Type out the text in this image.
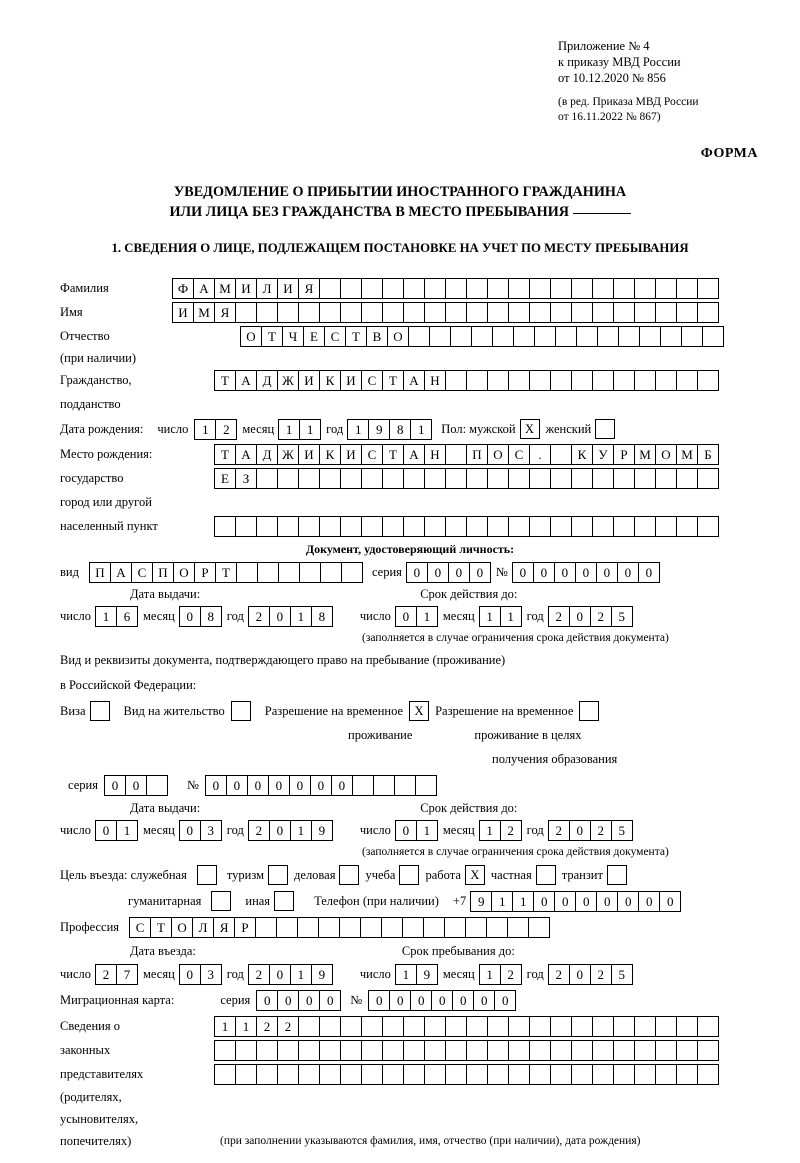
Приложение № 4
к приказу МВД России
от 10.12.2020 № 856
(в ред. Приказа МВД России
от 16.11.2022 № 867)
ФОРМА
УВЕДОМЛЕНИЕ О ПРИБЫТИИ ИНОСТРАННОГО ГРАЖДАНИНА
ИЛИ ЛИЦА БЕЗ ГРАЖДАНСТВА В МЕСТО ПРЕБЫВАНИЯ
1. СВЕДЕНИЯ О ЛИЦЕ, ПОДЛЕЖАЩЕМ ПОСТАНОВКЕ НА УЧЕТ ПО МЕСТУ ПРЕБЫВАНИЯ
Фамилия	Ф А М И Л И Я
Имя	И М Я
Отчество	О Т Ч Е С Т В О
(при наличии)
Гражданство,	Т А Д Ж И К И С Т А Н
подданство
Дата рождения: число	1	2	месяц 1	1	год 1	9	8	1	Пол: мужской X женский
Место рождения:	Т А Д Ж И К И С Т А Н	П О С	.	К У Р М О М Б
государство	Е	З
город или другой
населенный пункт
Документ, удостоверяющий личность:
вид	П А С П О Р	Т	серия 0	0	0	0	№ 0	0	0	0	0	0	0
Дата выдачи:	Срок действия до:
число 1	6	месяц 0	8	год 2	0	1	8	число 0	1	месяц 1	1	год 2	0	2	5
(заполняется в случае ограничения срока действия документа)
Вид и реквизиты документа, подтверждающего право на пребывание (проживание)
в Российской Федерации:
Виза	Вид на жительство	Разрешение на временное X Разрешение на временное
проживание	проживание в целях
получения образования
серия	0	0	№	0	0	0	0	0	0	0
Дата выдачи:	Срок действия до:
число 0	1	месяц 0	3	год 2	0	1	9	число 0	1	месяц 1	2	год 2	0	2	5
(заполняется в случае ограничения срока действия документа)
Цель въезда: служебная	туризм деловая учеба работа X частная транзит
гуманитарная	иная	Телефон (при наличии) +7 9	1	1	0	0	0	0	0	0	0
Профессия	С Т О Л Я	Р
Дата въезда:	Срок пребывания до:
число 2	7	месяц 0	3	год 2	0	1	9	число 1	9	месяц 1	2	год 2	0	2	5
Миграционная карта:	серия	0	0	0	0	№	0	0	0	0	0	0	0
Сведения о	1	1	2	2
законных
представителях
(родителях,
усыновителях,
попечителях)	(при заполнении указываются фамилия, имя, отчество (при наличии), дата рождения)
